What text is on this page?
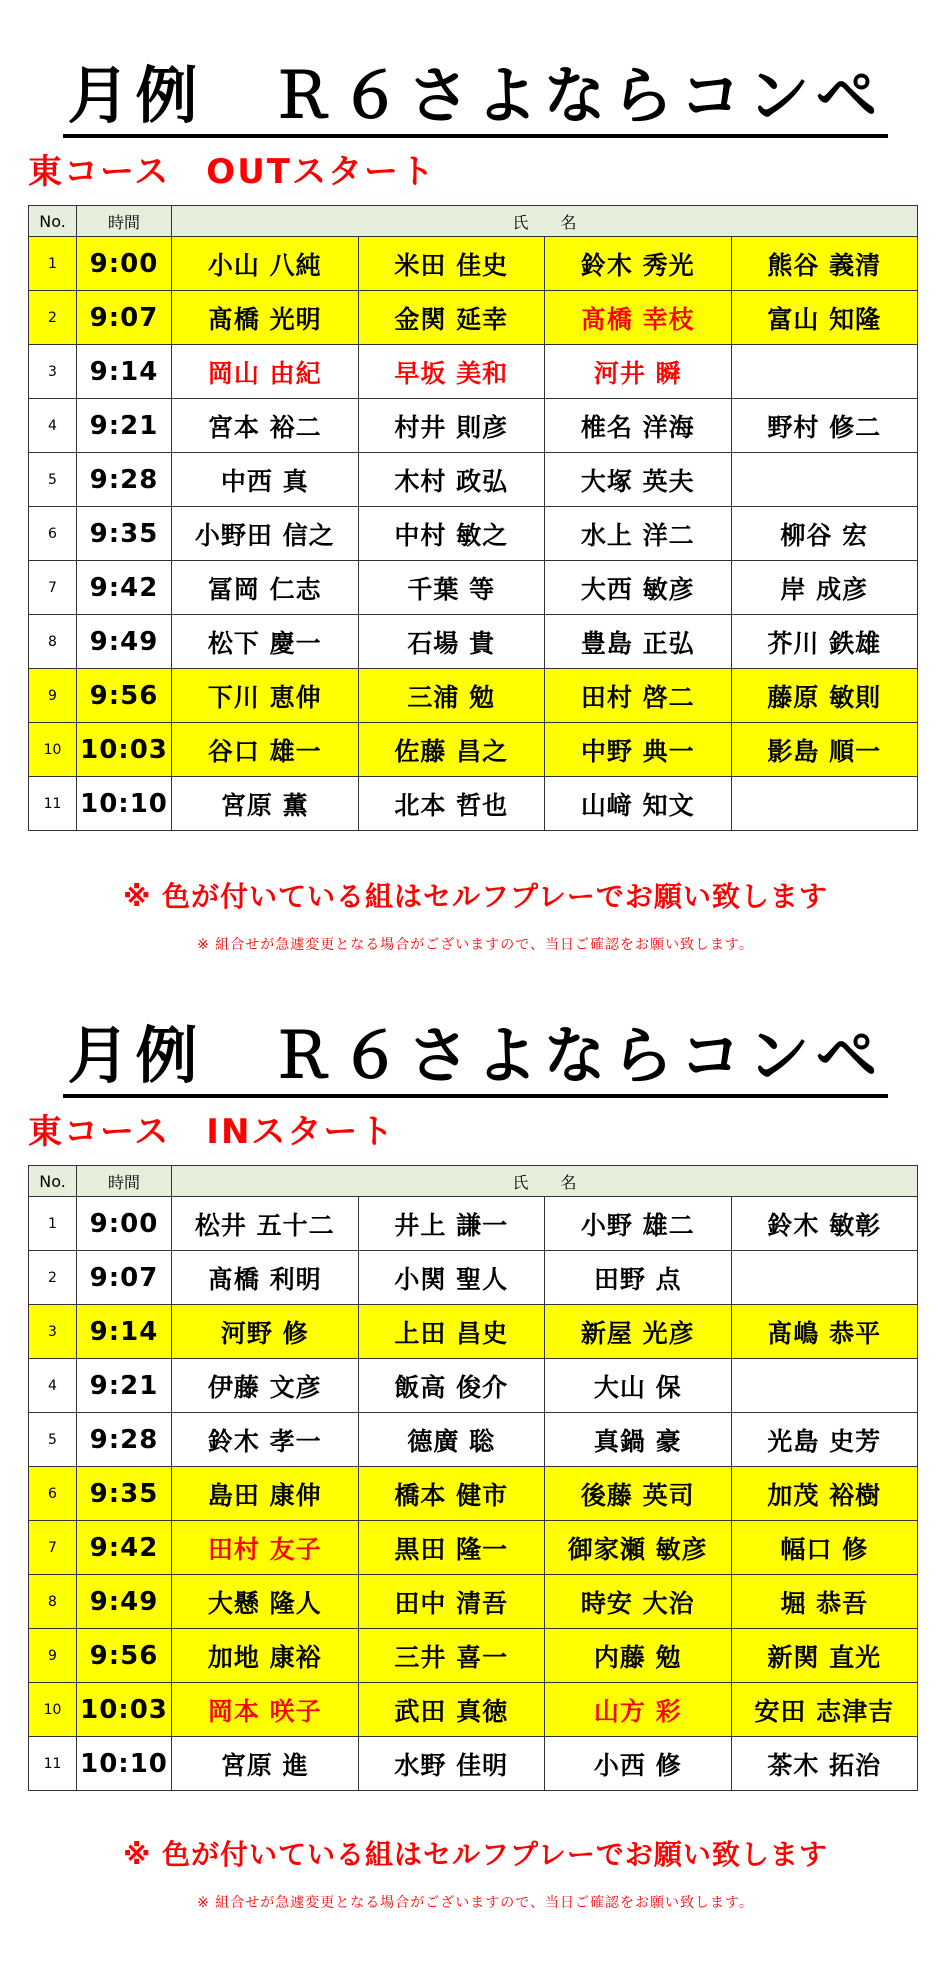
月例　Ｒ６さよならコンペ
東コース　OUTスタート
No.	時間	氏　　名			
1	9:00	小山 八純	米田 佳史	鈴木 秀光	熊谷 義清
2	9:07	髙橋 光明	金関 延幸	髙橋 幸枝	富山 知隆
3	9:14	岡山 由紀	早坂 美和	河井 瞬	
4	9:21	宮本 裕二	村井 則彦	椎名 洋海	野村 修二
5	9:28	中西 真	木村 政弘	大塚 英夫	
6	9:35	小野田 信之	中村 敏之	水上 洋二	柳谷 宏
7	9:42	冨岡 仁志	千葉 等	大西 敏彦	岸 成彦
8	9:49	松下 慶一	石場 貴	豊島 正弘	芥川 鉄雄
9	9:56	下川 恵伸	三浦 勉	田村 啓二	藤原 敏則
10	10:03	谷口 雄一	佐藤 昌之	中野 典一	影島 順一
11	10:10	宮原 薫	北本 哲也	山﨑 知文	
※ 色が付いている組はセルフプレーでお願い致します
※ 組合せが急遽変更となる場合がございますので、当日ご確認をお願い致します。
月例　Ｒ６さよならコンペ
東コース　INスタート
No.	時間	氏　　名			
1	9:00	松井 五十二	井上 謙一	小野 雄二	鈴木 敏彰
2	9:07	髙橋 利明	小関 聖人	田野 点	
3	9:14	河野 修	上田 昌史	新屋 光彦	髙嶋 恭平
4	9:21	伊藤 文彦	飯高 俊介	大山 保	
5	9:28	鈴木 孝一	德廣 聡	真鍋 豪	光島 史芳
6	9:35	島田 康伸	橋本 健市	後藤 英司	加茂 裕樹
7	9:42	田村 友子	黒田 隆一	御家瀬 敏彦	幅口 修
8	9:49	大懸 隆人	田中 清吾	時安 大治	堀 恭吾
9	9:56	加地 康裕	三井 喜一	内藤 勉	新関 直光
10	10:03	岡本 咲子	武田 真徳	山方 彩	安田 志津吉
11	10:10	宮原 進	水野 佳明	小西 修	茶木 拓治
※ 色が付いている組はセルフプレーでお願い致します
※ 組合せが急遽変更となる場合がございますので、当日ご確認をお願い致します。
